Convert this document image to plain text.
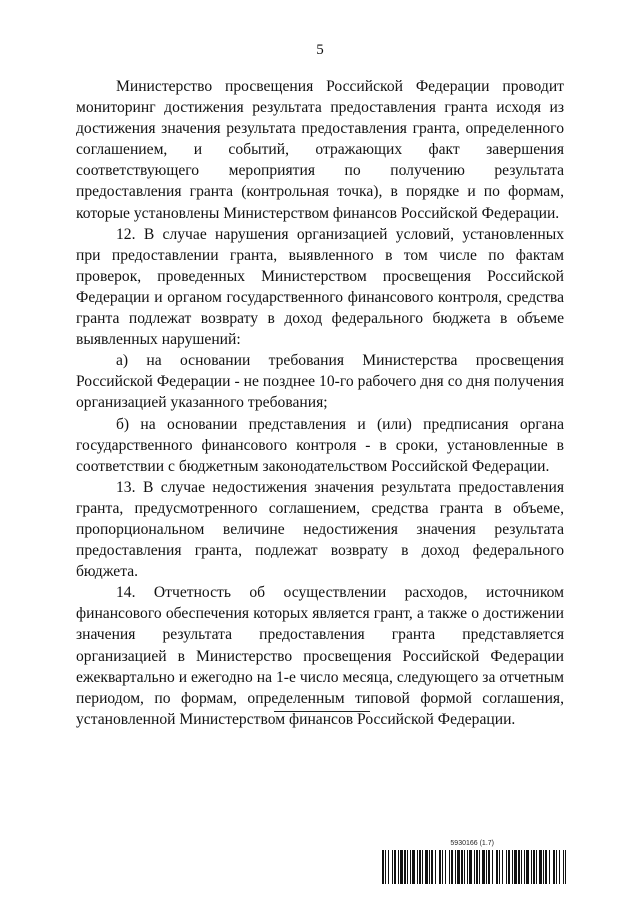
5

Министерство просвещения Российской Федерации проводит мониторинг достижения результата предоставления гранта исходя из достижения значения результата предоставления гранта, определенного соглашением, и событий, отражающих факт завершения соответствующего мероприятия по получению результата предоставления гранта (контрольная точка), в порядке и по формам, которые установлены Министерством финансов Российской Федерации.

12. В случае нарушения организацией условий, установленных при предоставлении гранта, выявленного в том числе по фактам проверок, проведенных Министерством просвещения Российской Федерации и органом государственного финансового контроля, средства гранта подлежат возврату в доход федерального бюджета в объеме выявленных нарушений:

а) на основании требования Министерства просвещения Российской Федерации - не позднее 10-го рабочего дня со дня получения организацией указанного требования;

б) на основании представления и (или) предписания органа государственного финансового контроля - в сроки, установленные в соответствии с бюджетным законодательством Российской Федерации.

13. В случае недостижения значения результата предоставления гранта, предусмотренного соглашением, средства гранта в объеме, пропорциональном величине недостижения значения результата предоставления гранта, подлежат возврату в доход федерального бюджета.

14. Отчетность об осуществлении расходов, источником финансового обеспечения которых является грант, а также о достижении значения результата предоставления гранта представляется организацией в Министерство просвещения Российской Федерации ежеквартально и ежегодно на 1-е число месяца, следующего за отчетным периодом, по формам, определенным типовой формой соглашения, установленной Министерством финансов Российской Федерации.

5930166 (1.7)
